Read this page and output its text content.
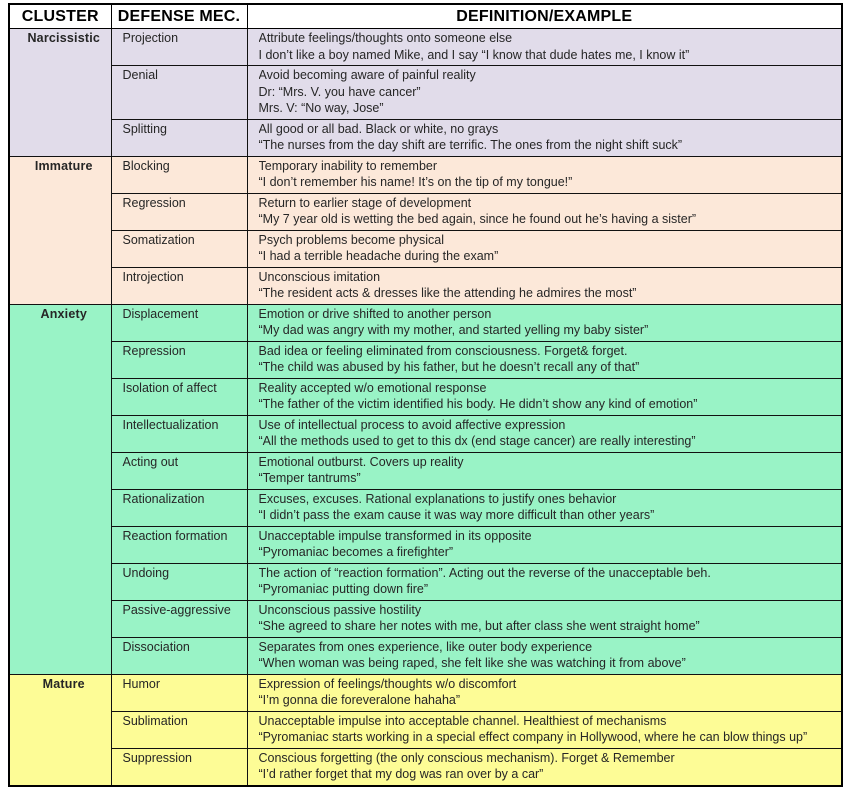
CLUSTER	DEFENSE MEC.	DEFINITION/EXAMPLE
Narcissistic	Projection	Attribute feelings/thoughts onto someone else
I don’t like a boy named Mike, and I say “I know that dude hates me, I know it”

	Denial	Avoid becoming aware of painful reality
Dr: “Mrs. V. you have cancer”
Mrs. V: “No way, Jose”

	Splitting	All good or all bad. Black or white, no grays
“The nurses from the day shift are terrific. The ones from the night shift suck”

Immature	Blocking	Temporary inability to remember
“I don’t remember his name! It’s on the tip of my tongue!”

	Regression	Return to earlier stage of development
“My 7 year old is wetting the bed again, since he found out he’s having a sister”

	Somatization	Psych problems become physical
“I had a terrible headache during the exam”

	Introjection	Unconscious imitation
“The resident acts & dresses like the attending he admires the most”

Anxiety	Displacement	Emotion or drive shifted to another person
“My dad was angry with my mother, and started yelling my baby sister”

	Repression	Bad idea or feeling eliminated from consciousness. Forget& forget.
“The child was abused by his father, but he doesn’t recall any of that”

	Isolation of affect	Reality accepted w/o emotional response
“The father of the victim identified his body. He didn’t show any kind of emotion”

	Intellectualization	Use of intellectual process to avoid affective expression
“All the methods used to get to this dx (end stage cancer) are really interesting”

	Acting out	Emotional outburst. Covers up reality
“Temper tantrums”

	Rationalization	Excuses, excuses. Rational explanations to justify ones behavior
“I didn’t pass the exam cause it was way more difficult than other years”

	Reaction formation	Unacceptable impulse transformed in its opposite
“Pyromaniac becomes a firefighter”

	Undoing	The action of “reaction formation”. Acting out the reverse of the unacceptable beh.
“Pyromaniac putting down fire”

	Passive-aggressive	Unconscious passive hostility
“She agreed to share her notes with me, but after class she went straight home”

	Dissociation	Separates from ones experience, like outer body experience
“When woman was being raped, she felt like she was watching it from above”

Mature	Humor	Expression of feelings/thoughts w/o discomfort
“I’m gonna die foreveralone hahaha”

	Sublimation	Unacceptable impulse into acceptable channel. Healthiest of mechanisms
“Pyromaniac starts working in a special effect company in Hollywood, where he can blow things up”

	Suppression	Conscious forgetting (the only conscious mechanism). Forget & Remember
“I’d rather forget that my dog was ran over by a car”
